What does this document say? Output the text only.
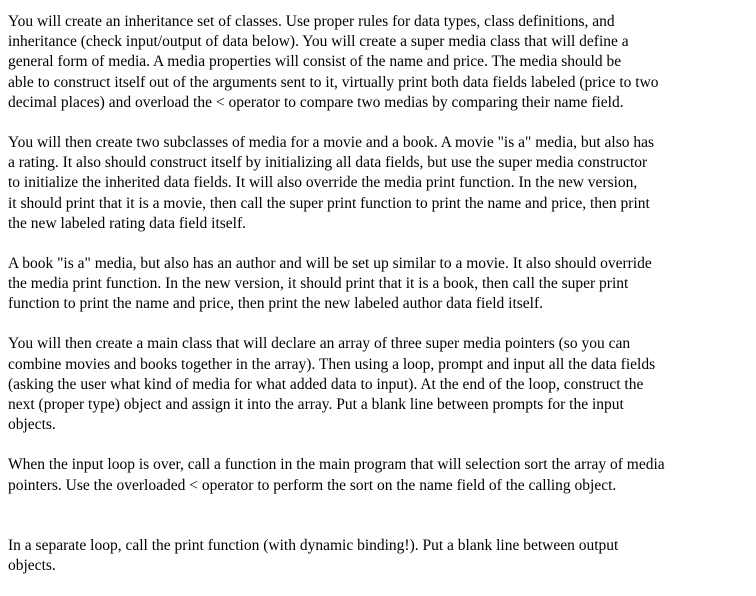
You will create an inheritance set of classes. Use proper rules for data types, class definitions, and
inheritance (check input/output of data below). You will create a super media class that will define a
general form of media. A media properties will consist of the name and price. The media should be
able to construct itself out of the arguments sent to it, virtually print both data fields labeled (price to two
decimal places) and overload the < operator to compare two medias by comparing their name field.

You will then create two subclasses of media for a movie and a book. A movie "is a" media, but also has
a rating. It also should construct itself by initializing all data fields, but use the super media constructor
to initialize the inherited data fields. It will also override the media print function. In the new version,
it should print that it is a movie, then call the super print function to print the name and price, then print
the new labeled rating data field itself.

A book "is a" media, but also has an author and will be set up similar to a movie. It also should override
the media print function. In the new version, it should print that it is a book, then call the super print
function to print the name and price, then print the new labeled author data field itself.

You will then create a main class that will declare an array of three super media pointers (so you can
combine movies and books together in the array). Then using a loop, prompt and input all the data fields
(asking the user what kind of media for what added data to input). At the end of the loop, construct the
next (proper type) object and assign it into the array. Put a blank line between prompts for the input
objects.

When the input loop is over, call a function in the main program that will selection sort the array of media
pointers. Use the overloaded < operator to perform the sort on the name field of the calling object.

In a separate loop, call the print function (with dynamic binding!). Put a blank line between output
objects.
